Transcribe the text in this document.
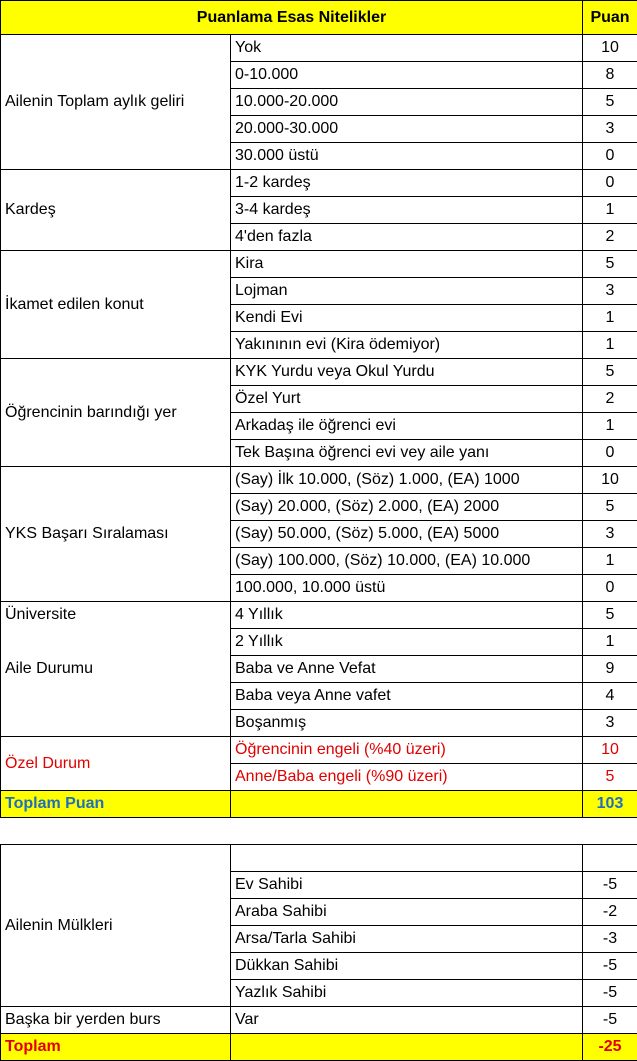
Puanlama Esas Nitelikler		Puan
Ailenin Toplam aylık geliri	Yok	10
	0-10.000	8
	10.000-20.000	5
	20.000-30.000	3
	30.000 üstü	0
Kardeş	1-2 kardeş	0
	3-4 kardeş	1
	4'den fazla	2
İkamet edilen konut	Kira	5
	Lojman	3
	Kendi Evi	1
	Yakınının evi (Kira ödemiyor)	1
Öğrencinin barındığı yer	KYK Yurdu veya Okul Yurdu	5
	Özel Yurt	2
	Arkadaş ile öğrenci evi	1
	Tek Başına öğrenci evi vey aile yanı	0
YKS Başarı Sıralaması	(Say) İlk 10.000, (Söz) 1.000, (EA) 1000	10
	(Say) 20.000, (Söz) 2.000, (EA) 2000	5
	(Say) 50.000, (Söz) 5.000, (EA) 5000	3
	(Say) 100.000, (Söz) 10.000, (EA) 10.000	1
	100.000, 10.000 üstü	0
Üniversite	4 Yıllık	5
	2 Yıllık	1
Aile Durumu	Baba ve Anne Vefat	9
	Baba veya Anne vafet	4
	Boşanmış	3
Özel Durum	Öğrencinin engeli (%40 üzeri)	10
	Anne/Baba engeli (%90 üzeri)	5
Toplam Puan		103

Ailenin Mülkleri		
	Ev Sahibi	-5
	Araba Sahibi	-2
	Arsa/Tarla Sahibi	-3
	Dükkan Sahibi	-5
	Yazlık Sahibi	-5
Başka bir yerden burs	Var	-5
Toplam		-25
